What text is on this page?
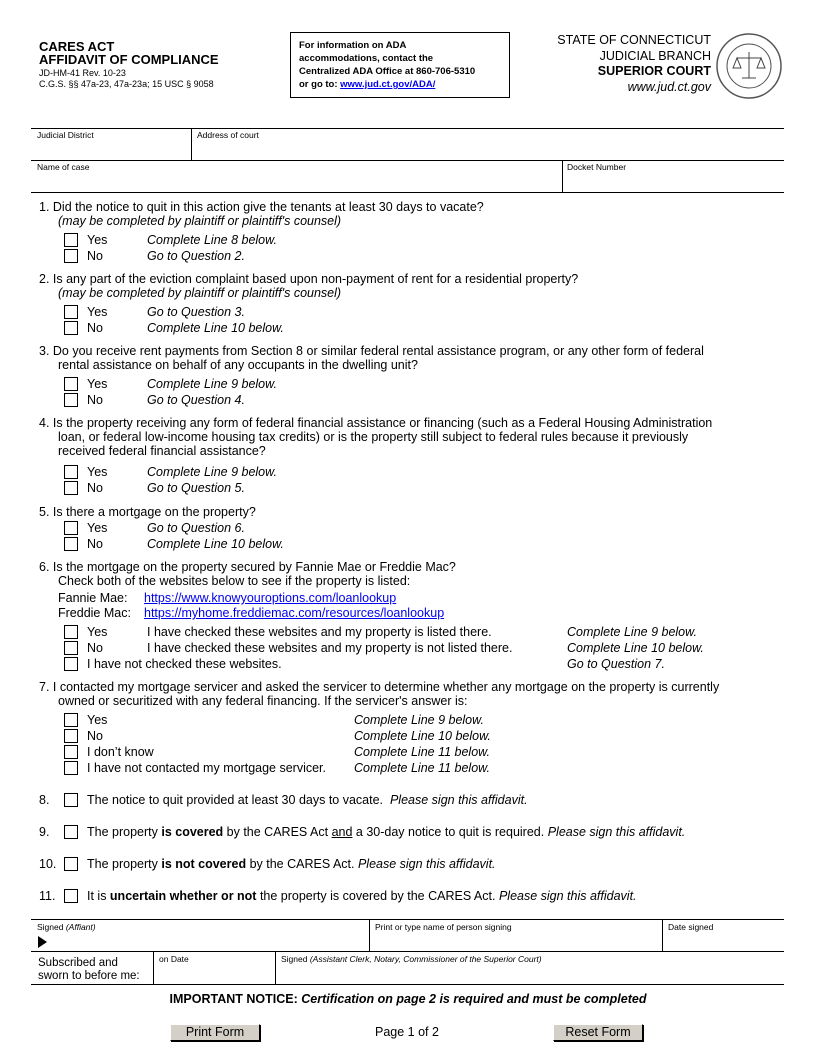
CARES ACT
AFFIDAVIT OF COMPLIANCE
JD-HM-41 Rev. 10-23
C.G.S. §§ 47a-23, 47a-23a; 15 USC § 9058
For information on ADA
accommodations, contact the
Centralized ADA Office at 860-706-5310
or go to: www.jud.ct.gov/ADA/
STATE OF CONNECTICUT
JUDICIAL BRANCH
SUPERIOR COURT
www.jud.ct.gov
Judicial District	Address of court
Name of case	Docket Number
1. Did the notice to quit in this action give the tenants at least 30 days to vacate?
(may be completed by plaintiff or plaintiff's counsel)
Yes	Complete Line 8 below.
No	Go to Question 2.
2. Is any part of the eviction complaint based upon non-payment of rent for a residential property?
(may be completed by plaintiff or plaintiff's counsel)
Yes	Go to Question 3.
No	Complete Line 10 below.
3. Do you receive rent payments from Section 8 or similar federal rental assistance program, or any other form of federal
rental assistance on behalf of any occupants in the dwelling unit?
Yes	Complete Line 9 below.
No	Go to Question 4.
4. Is the property receiving any form of federal financial assistance or financing (such as a Federal Housing Administration
loan, or federal low-income housing tax credits) or is the property still subject to federal rules because it previously
received federal financial assistance?
Yes	Complete Line 9 below.
No	Go to Question 5.
5. Is there a mortgage on the property?
Yes	Go to Question 6.
No	Complete Line 10 below.
6. Is the mortgage on the property secured by Fannie Mae or Freddie Mac?
Check both of the websites below to see if the property is listed:
Fannie Mae: https://www.knowyouroptions.com/loanlookup
Freddie Mac: https://myhome.freddiemac.com/resources/loanlookup
Yes	I have checked these websites and my property is listed there.	Complete Line 9 below.
No	I have checked these websites and my property is not listed there.	Complete Line 10 below.
I have not checked these websites.	Go to Question 7.
7. I contacted my mortgage servicer and asked the servicer to determine whether any mortgage on the property is currently
owned or securitized with any federal financing. If the servicer's answer is:
Yes	Complete Line 9 below.
No	Complete Line 10 below.
I don’t know	Complete Line 11 below.
I have not contacted my mortgage servicer. Complete Line 11 below.
8.	The notice to quit provided at least 30 days to vacate. Please sign this affidavit.
9.	The property is covered by the CARES Act and a 30-day notice to quit is required. Please sign this affidavit.
10. The property is not covered by the CARES Act. Please sign this affidavit.
11.	It is uncertain whether or not the property is covered by the CARES Act. Please sign this affidavit.
Signed (Affiant)	Print or type name of person signing	Date signed
Subscribed and
sworn to before me:
on Date	Signed (Assistant Clerk, Notary, Commissioner of the Superior Court)
IMPORTANT NOTICE: Certification on page 2 is required and must be completed
Print Form	Page 1 of 2	Reset Form
